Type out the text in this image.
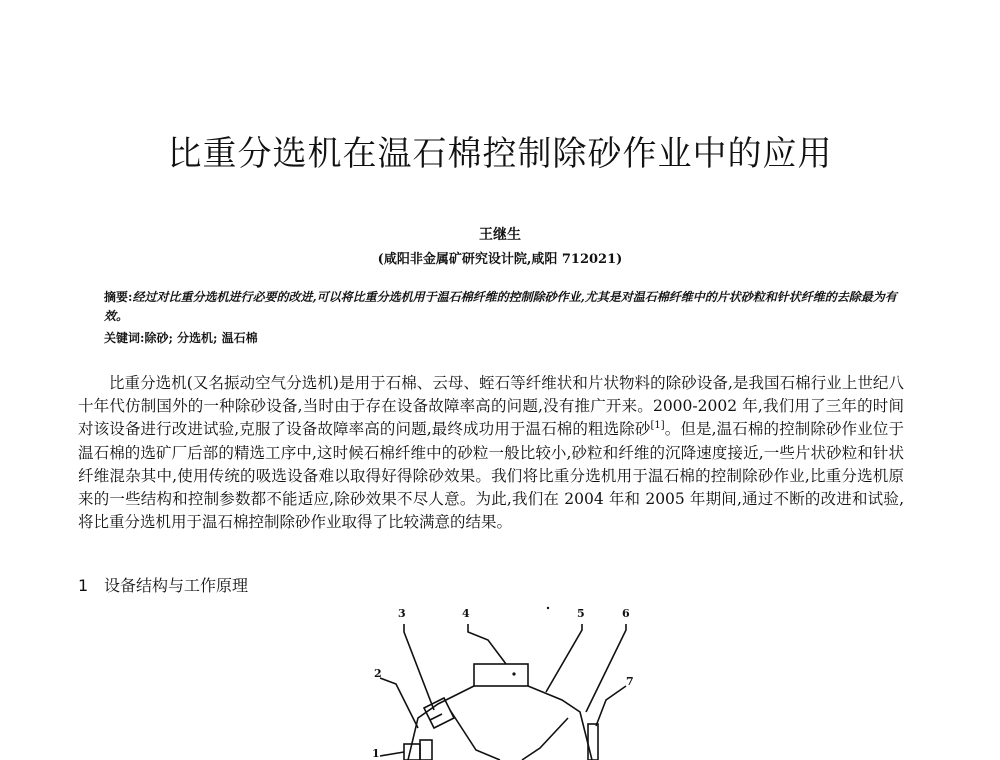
比重分选机在温石棉控制除砂作业中的应用
王继生
(咸阳非金属矿研究设计院,咸阳 712021)
摘要:经过对比重分选机进行必要的改进,可以将比重分选机用于温石棉纤维的控制除砂作业,尤其是对温石棉纤维中的片状砂粒和针状纤维的去除最为有效。
关键词:除砂; 分选机; 温石棉
比重分选机(又名振动空气分选机)是用于石棉、云母、蛭石等纤维状和片状物料的除砂设备,是我国石棉行业上世纪八十年代仿制国外的一种除砂设备,当时由于存在设备故障率高的问题,没有推广开来。2000-2002 年,我们用了三年的时间对该设备进行改进试验,克服了设备故障率高的问题,最终成功用于温石棉的粗选除砂[1]。但是,温石棉的控制除砂作业位于温石棉的选矿厂后部的精选工序中,这时候石棉纤维中的砂粒一般比较小,砂粒和纤维的沉降速度接近,一些片状砂粒和针状纤维混杂其中,使用传统的吸选设备难以取得好得除砂效果。我们将比重分选机用于温石棉的控制除砂作业,比重分选机原来的一些结构和控制参数都不能适应,除砂效果不尽人意。为此,我们在 2004 年和 2005 年期间,通过不断的改进和试验,将比重分选机用于温石棉控制除砂作业取得了比较满意的结果。
1 设备结构与工作原理
3	4	5	6
2
7
1
